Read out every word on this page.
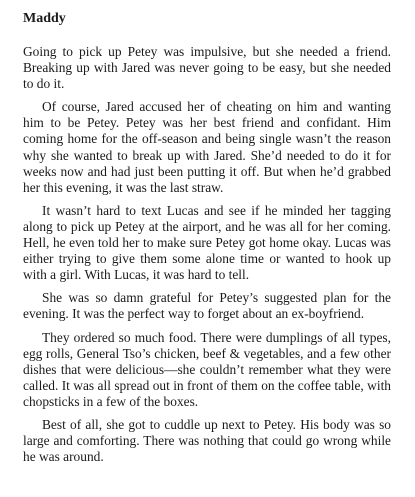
Maddy

Going to pick up Petey was impulsive, but she needed a friend. Breaking up with Jared was never going to be easy, but she needed to do it.

Of course, Jared accused her of cheating on him and wanting him to be Petey. Petey was her best friend and confidant. Him coming home for the off-season and being single wasn’t the reason why she wanted to break up with Jared. She’d needed to do it for weeks now and had just been putting it off. But when he’d grabbed her this evening, it was the last straw.

It wasn’t hard to text Lucas and see if he minded her tagging along to pick up Petey at the airport, and he was all for her coming. Hell, he even told her to make sure Petey got home okay. Lucas was either trying to give them some alone time or wanted to hook up with a girl. With Lucas, it was hard to tell.

She was so damn grateful for Petey’s suggested plan for the evening. It was the perfect way to forget about an ex-boyfriend.

They ordered so much food. There were dumplings of all types, egg rolls, General Tso’s chicken, beef & vegetables, and a few other dishes that were delicious—she couldn’t remember what they were called. It was all spread out in front of them on the coffee table, with chopsticks in a few of the boxes.

Best of all, she got to cuddle up next to Petey. His body was so large and comforting. There was nothing that could go wrong while he was around.
